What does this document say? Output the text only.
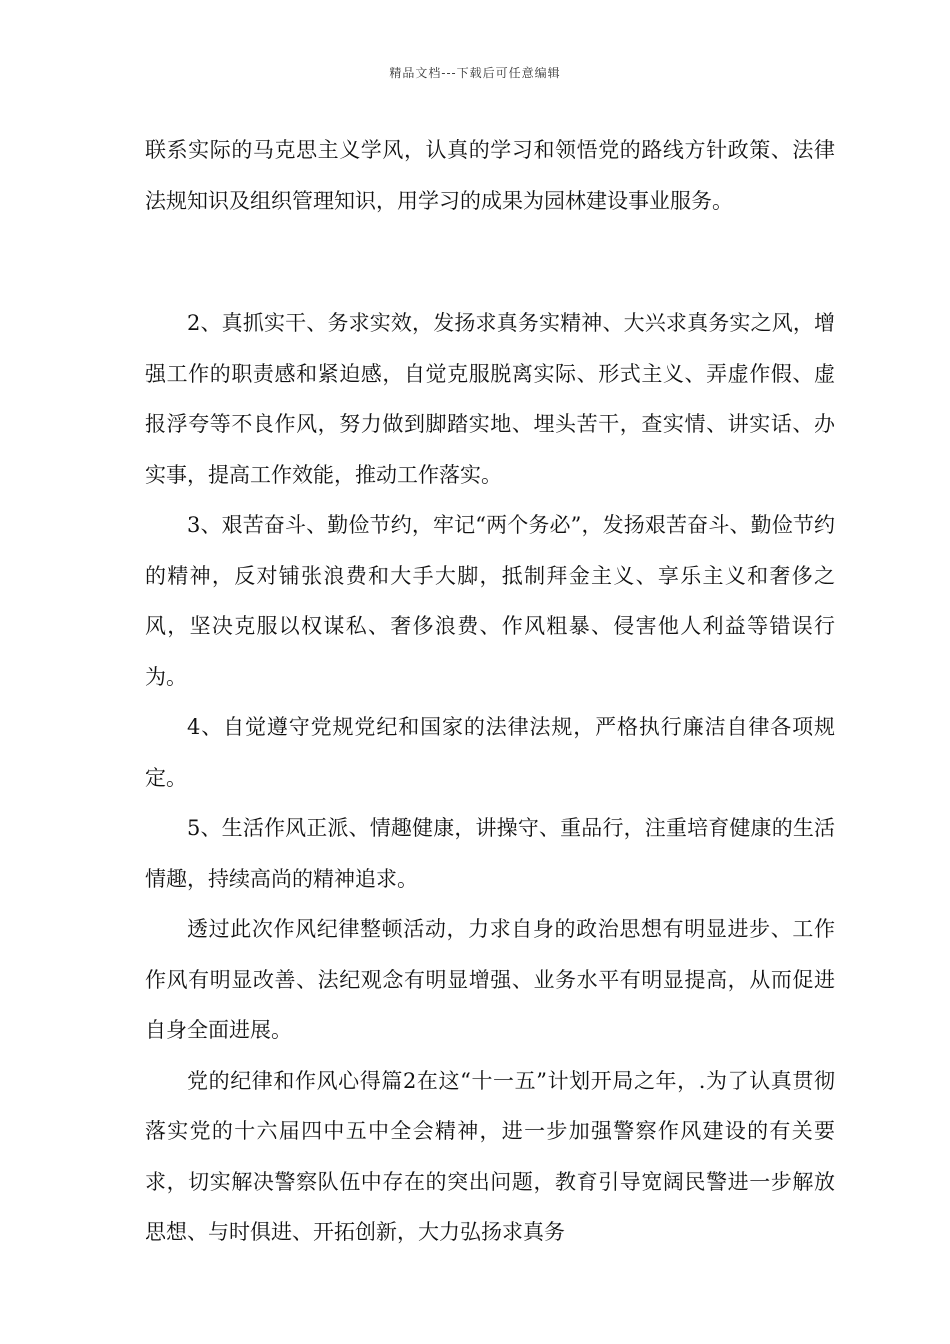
精品文档---下载后可任意编辑

联系实际的马克思主义学风，认真的学习和领悟党的路线方针政策、法律法规知识及组织管理知识，用学习的成果为园林建设事业服务。

2、真抓实干、务求实效，发扬求真务实精神、大兴求真务实之风，增强工作的职责感和紧迫感，自觉克服脱离实际、形式主义、弄虚作假、虚报浮夸等不良作风，努力做到脚踏实地、埋头苦干，查实情、讲实话、办实事，提高工作效能，推动工作落实。

3、艰苦奋斗、勤俭节约，牢记“两个务必”，发扬艰苦奋斗、勤俭节约的精神，反对铺张浪费和大手大脚，抵制拜金主义、享乐主义和奢侈之风，坚决克服以权谋私、奢侈浪费、作风粗暴、侵害他人利益等错误行为。

4、自觉遵守党规党纪和国家的法律法规，严格执行廉洁自律各项规定。

5、生活作风正派、情趣健康，讲操守、重品行，注重培育健康的生活情趣，持续高尚的精神追求。

透过此次作风纪律整顿活动，力求自身的政治思想有明显进步、工作作风有明显改善、法纪观念有明显增强、业务水平有明显提高，从而促进自身全面进展。

党的纪律和作风心得篇2在这“十一五”计划开局之年，.为了认真贯彻落实党的十六届四中五中全会精神，进一步加强警察作风建设的有关要求，切实解决警察队伍中存在的突出问题，教育引导宽阔民警进一步解放思想、与时俱进、开拓创新，大力弘扬求真务
